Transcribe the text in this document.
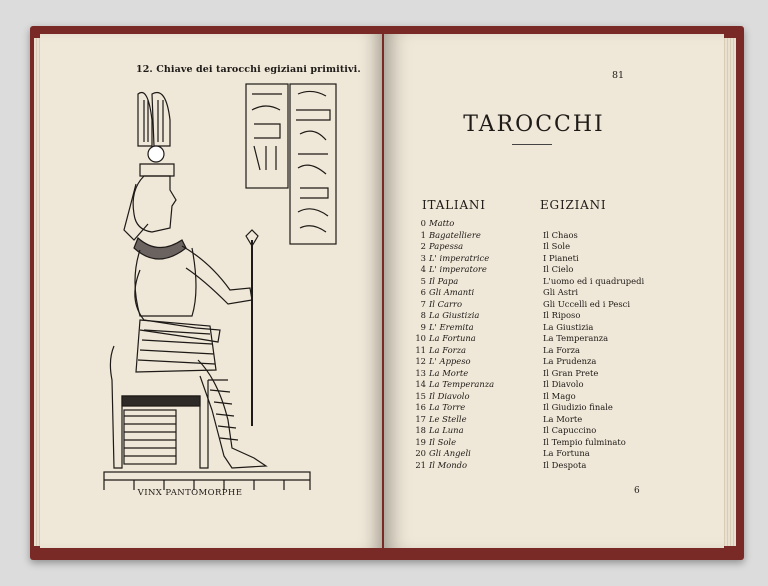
12. Chiave dei tarocchi egiziani primitivi.
VINX PANTOMORPHE
81
TAROCCHI
ITALIANI	EGIZIANI
0	Matto	
1	Bagatelliere	Il Chaos
2	Papessa	Il Sole
3	L' imperatrice	I Pianeti
4	L' imperatore	Il Cielo
5	Il Papa	L'uomo ed i quadrupedi
6	Gli Amanti	Gli Astri
7	Il Carro	Gli Uccelli ed i Pesci
8	La Giustizia	Il Riposo
9	L' Eremita	La Giustizia
10	La Fortuna	La Temperanza
11	La Forza	La Forza
12	L' Appeso	La Prudenza
13	La Morte	Il Gran Prete
14	La Temperanza	Il Diavolo
15	Il Diavolo	Il Mago
16	La Torre	Il Giudizio finale
17	Le Stelle	La Morte
18	La Luna	Il Capuccino
19	Il Sole	Il Tempio fulminato
20	Gli Angeli	La Fortuna
21	Il Mondo	Il Despota
6
